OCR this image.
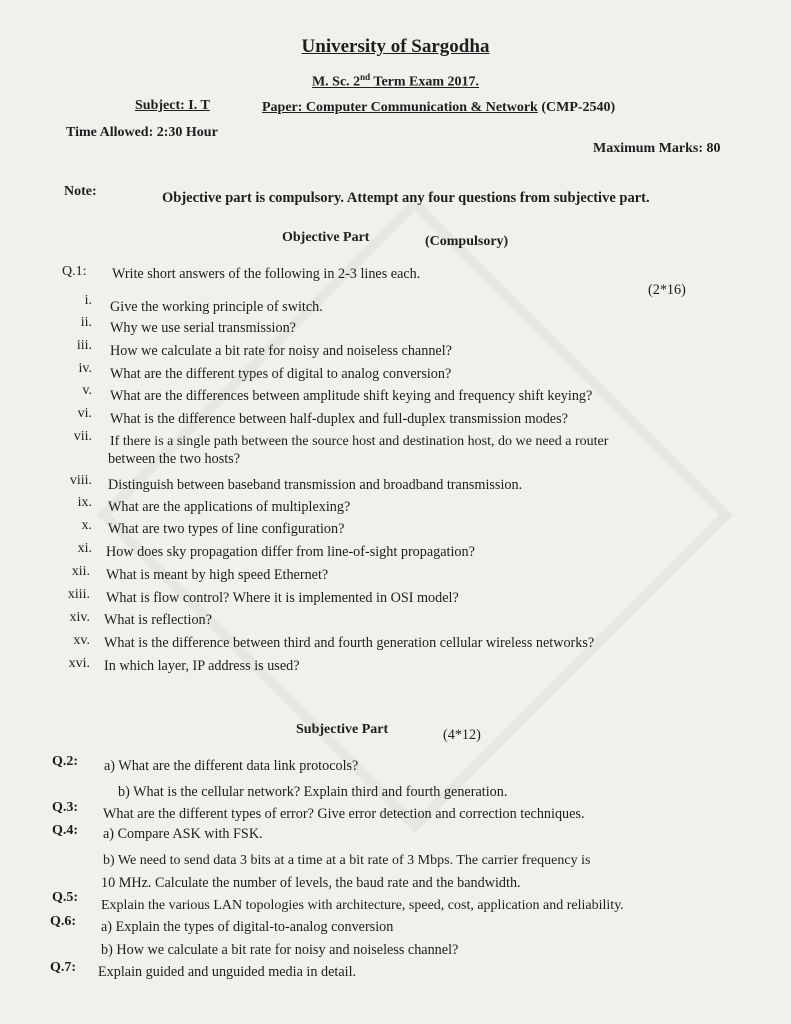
University of Sargodha
M. Sc. 2nd Term Exam 2017.
Subject: I. T	Paper: Computer Communication & Network (CMP-2540)
Time Allowed: 2:30 Hour
Maximum Marks: 80
Note:	Objective part is compulsory. Attempt any four questions from subjective part.
Objective Part	(Compulsory)
Q.1: Write short answers of the following in 2-3 lines each.
(2*16)
i. Give the working principle of switch.
ii. Why we use serial transmission?
iii. How we calculate a bit rate for noisy and noiseless channel?
iv. What are the different types of digital to analog conversion?
v. What are the differences between amplitude shift keying and frequency shift keying?
vi. What is the difference between half-duplex and full-duplex transmission modes?
vii. If there is a single path between the source host and destination host, do we need a router
between the two hosts?
viii. Distinguish between baseband transmission and broadband transmission.
ix. What are the applications of multiplexing?
x. What are two types of line configuration?
xi. How does sky propagation differ from line-of-sight propagation?
xii. What is meant by high speed Ethernet?
xiii. What is flow control? Where it is implemented in OSI model?
xiv. What is reflection?
xv. What is the difference between third and fourth generation cellular wireless networks?
xvi. In which layer, IP address is used?
Subjective Part	(4*12)
Q.2: a) What are the different data link protocols?
b) What is the cellular network? Explain third and fourth generation.
Q.3: What are the different types of error? Give error detection and correction techniques.
Q.4: a) Compare ASK with FSK.
b) We need to send data 3 bits at a time at a bit rate of 3 Mbps. The carrier frequency is
10 MHz. Calculate the number of levels, the baud rate and the bandwidth.
Q.5:
Explain the various LAN topologies with architecture, speed, cost, application and reliability.
Q.6: a) Explain the types of digital-to-analog conversion
b) How we calculate a bit rate for noisy and noiseless channel?
Q.7: Explain guided and unguided media in detail.
